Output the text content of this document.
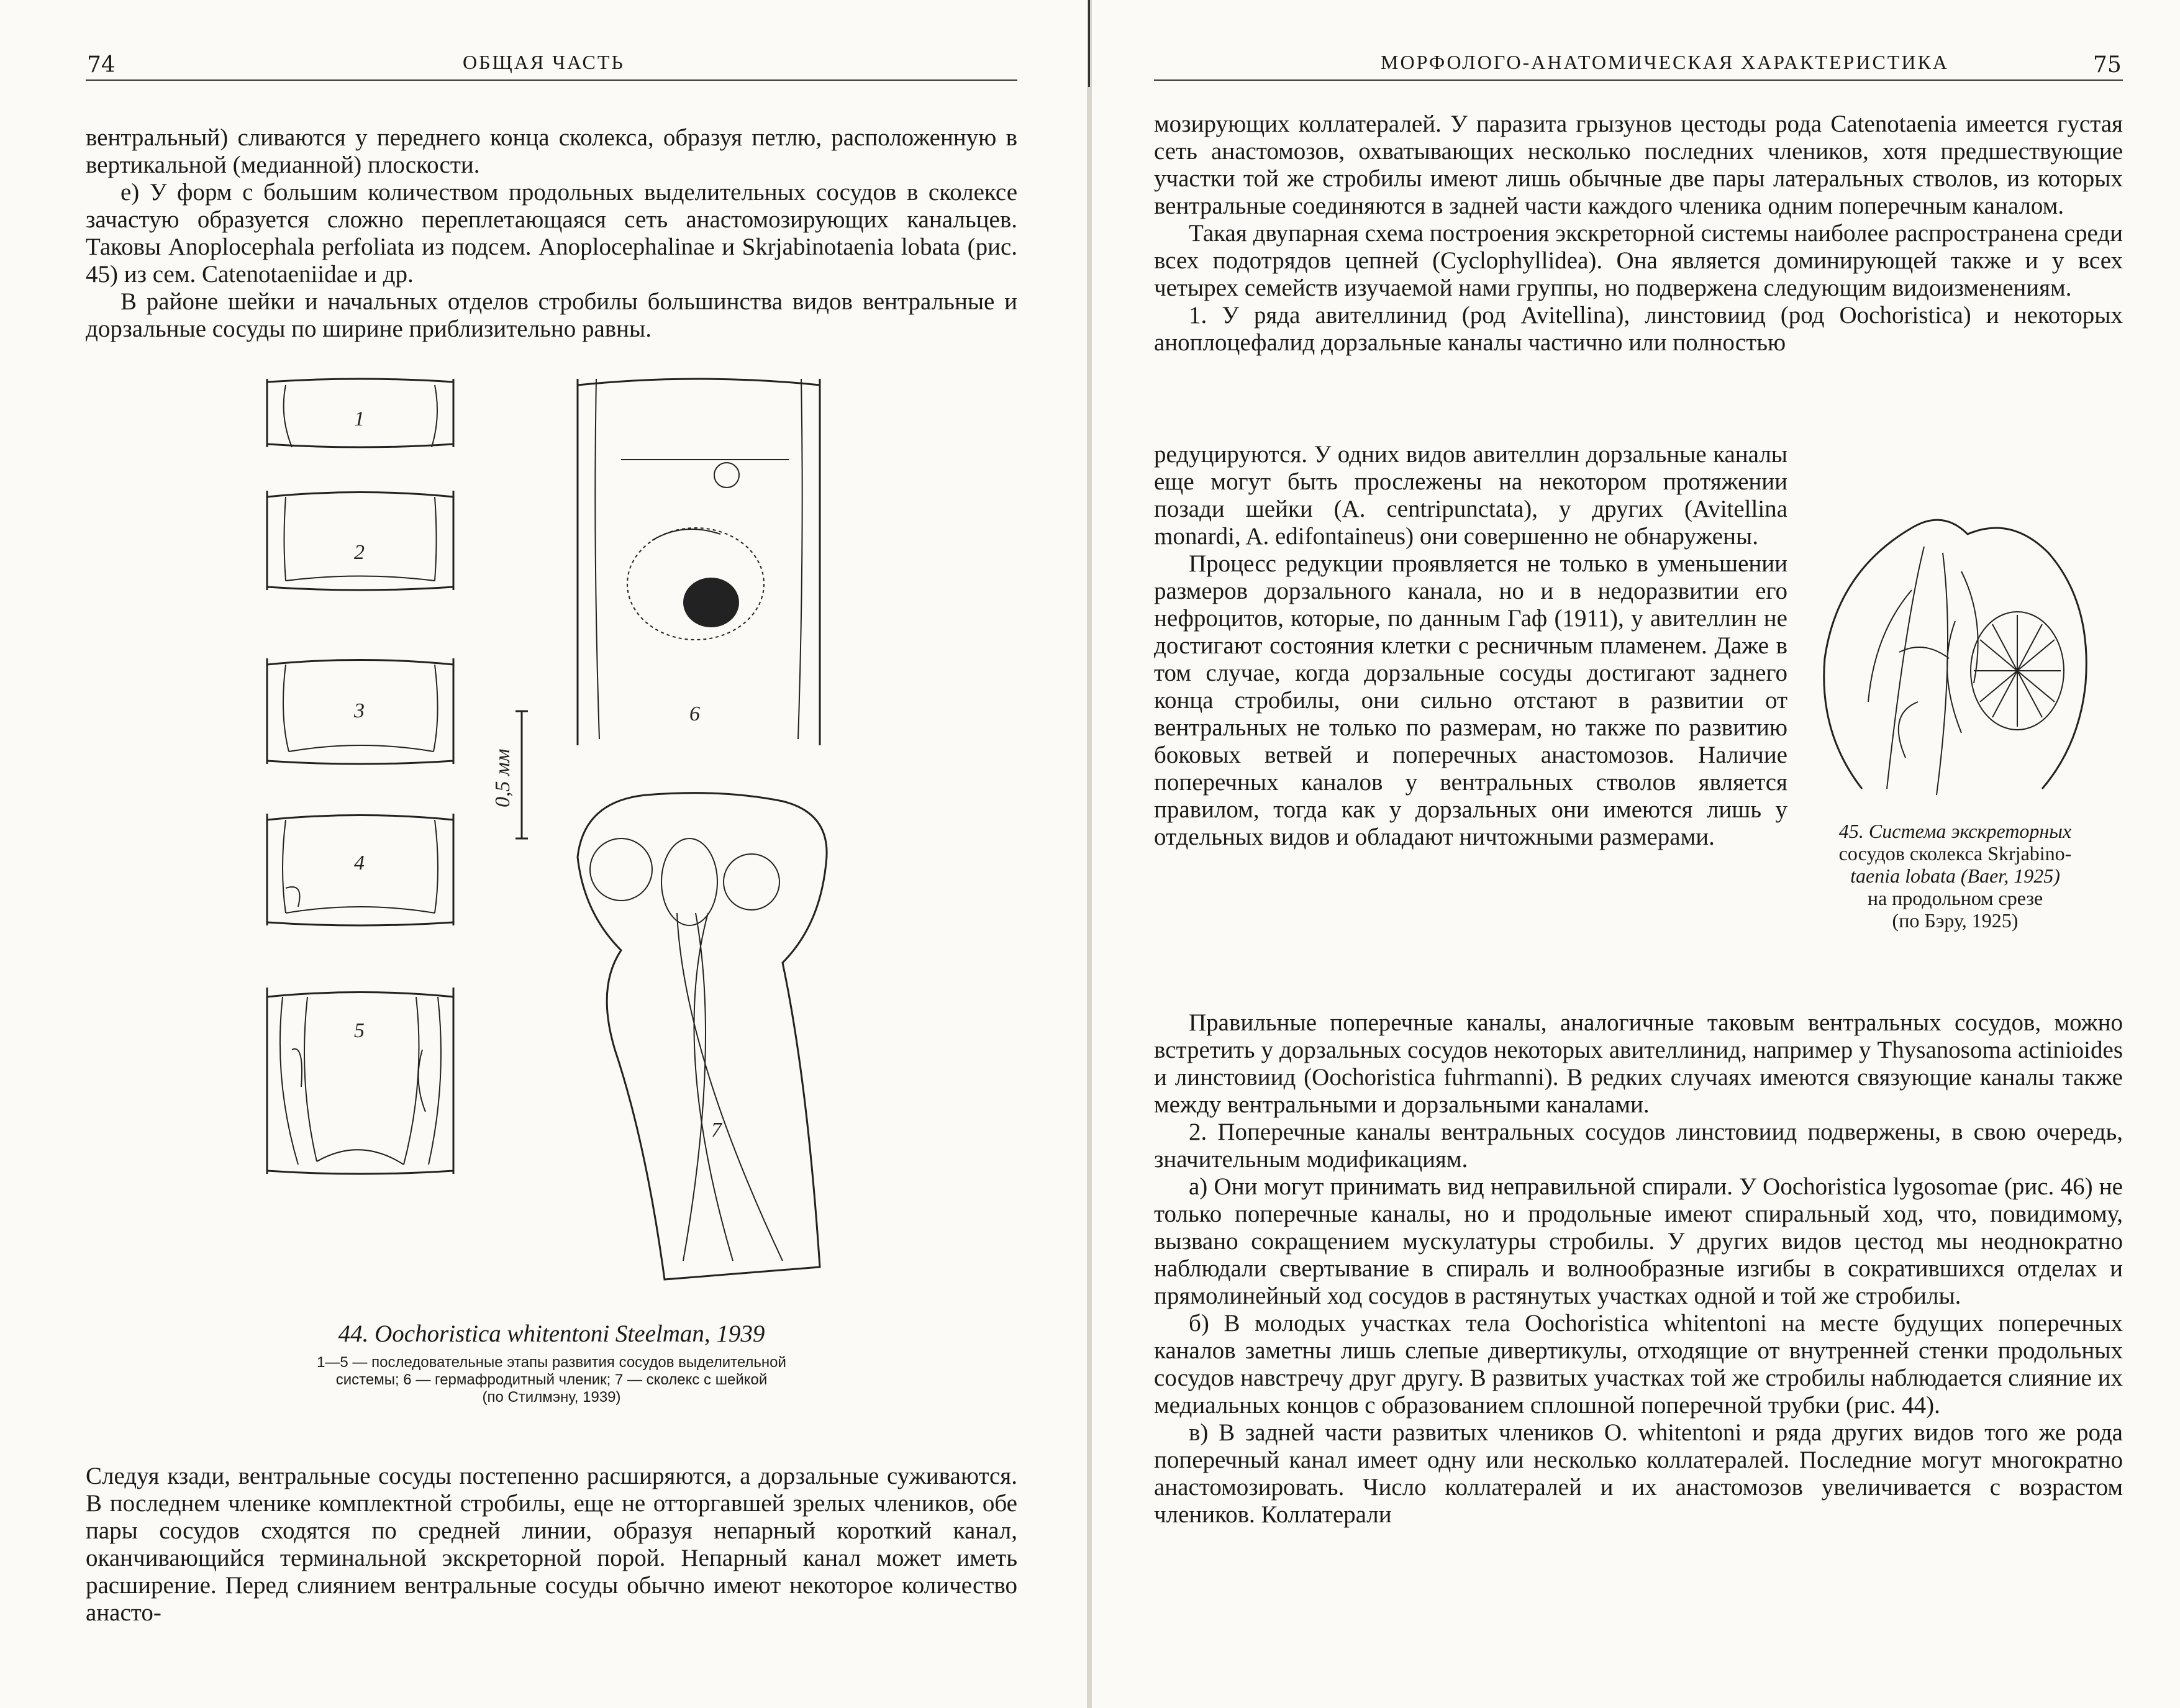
74	ОБЩАЯ ЧАСТЬ

вентральный) сливаются у переднего конца сколекса, образуя петлю, расположенную в вертикальной (медианной) плоскости.

е) У форм с большим количеством продольных выделительных сосудов в сколексе зачастую образуется сложно переплетающаяся сеть анастомозирующих канальцев. Таковы Anoplocephala perfoliata из подсем. Anoplocephalinae и Skrjabinotaenia lobata (рис. 45) из сем. Catenotaeniidae и др.

В районе шейки и начальных отделов стробилы большинства видов вентральные и дорзальные сосуды по ширине приблизительно равны.

1
2
3
4
5
0,5 мм
6
7
44. Oochoristica whitentoni Steelman, 1939
1—5 — последовательные этапы развития сосудов выделительной
системы; 6 — гермафродитный членик; 7 — сколекс с шейкой
(по Стилмэну, 1939)

Следуя кзади, вентральные сосуды постепенно расширяются, а дорзальные суживаются. В последнем членике комплектной стробилы, еще не отторгавшей зрелых члеников, обе пары сосудов сходятся по средней линии, образуя непарный короткий канал, оканчивающийся терминальной экскреторной порой. Непарный канал может иметь расширение. Перед слиянием вентральные сосуды обычно имеют некоторое количество анасто-

МОРФОЛОГО-АНАТОМИЧЕСКАЯ ХАРАКТЕРИСТИКА	75

мозирующих коллатералей. У паразита грызунов цестоды рода Catenotaenia имеется густая сеть анастомозов, охватывающих несколько последних члеников, хотя предшествующие участки той же стробилы имеют лишь обычные две пары латеральных стволов, из которых вентральные соединяются в задней части каждого членика одним поперечным каналом.

Такая двупарная схема построения экскреторной системы наиболее распространена среди всех подотрядов цепней (Cyclophyllidea). Она является доминирующей также и у всех четырех семейств изучаемой нами группы, но подвержена следующим видоизменениям.

1. У ряда авителлинид (род Avitellina), линстовиид (род Oochoristica) и некоторых аноплоцефалид дорзальные каналы частично или полностью

редуцируются. У одних видов авителлин дорзальные каналы еще могут быть прослежены на некотором протяжении позади шейки (A. centripunctata), у других (Avitellina monardi, A. edifontaineus) они совершенно не обнаружены.

Процесс редукции проявляется не только в уменьшении размеров дорзального канала, но и в недоразвитии его нефроцитов, которые, по данным Гаф (1911), у авителлин не достигают состояния клетки с ресничным пламенем. Даже в том случае, когда дорзальные сосуды достигают заднего конца стробилы, они сильно отстают в развитии от вентральных не только по размерам, но также по развитию боковых ветвей и поперечных анастомозов. Наличие поперечных каналов у вентральных стволов является правилом, тогда как у дорзальных они имеются лишь у отдельных видов и обладают ничтожными размерами.	45. Система экскреторных
сосудов сколекса Skrjabino-
taenia lobata (Baer, 1925)
на продольном срезе
(по Бэру, 1925)

Правильные поперечные каналы, аналогичные таковым вентральных сосудов, можно встретить у дорзальных сосудов некоторых авителлинид, например у Thysanosoma actinioides и линстовиид (Oochoristica fuhrmanni). В редких случаях имеются связующие каналы также между вентральными и дорзальными каналами.

2. Поперечные каналы вентральных сосудов линстовиид подвержены, в свою очередь, значительным модификациям.

а) Они могут принимать вид неправильной спирали. У Oochoristica lygosomae (рис. 46) не только поперечные каналы, но и продольные имеют спиральный ход, что, повидимому, вызвано сокращением мускулатуры стробилы. У других видов цестод мы неоднократно наблюдали свертывание в спираль и волнообразные изгибы в сократившихся отделах и прямолинейный ход сосудов в растянутых участках одной и той же стробилы.

б) В молодых участках тела Oochoristica whitentoni на месте будущих поперечных каналов заметны лишь слепые дивертикулы, отходящие от внутренней стенки продольных сосудов навстречу друг другу. В развитых участках той же стробилы наблюдается слияние их медиальных концов с образованием сплошной поперечной трубки (рис. 44).

в) В задней части развитых члеников O. whitentoni и ряда других видов того же рода поперечный канал имеет одну или несколько коллатералей. Последние могут многократно анастомозировать. Число коллатералей и их анастомозов увеличивается с возрастом члеников. Коллатерали
